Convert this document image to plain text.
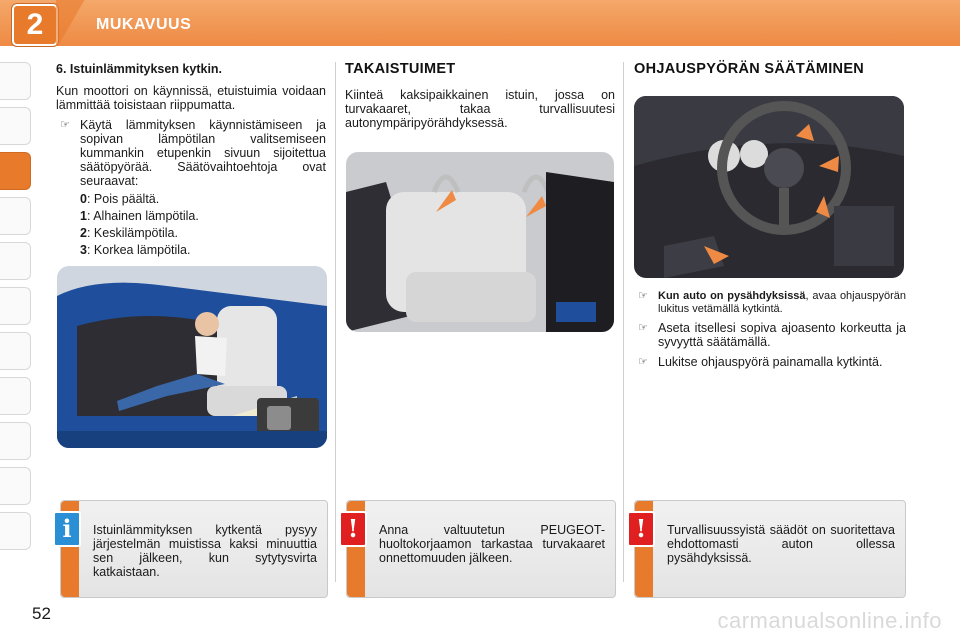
2	MUKAVUUS

6. Istuinlämmityksen kytkin.

Kun moottori on käynnissä, etuistuimia voidaan lämmittää toisistaan riippumatta.

☞ Käytä lämmityksen käynnistämiseen ja sopivan lämpötilan valitsemiseen kummankin etupenkin sivuun sijoitettua säätöpyörää. Säätövaihtoehtoja ovat seuraavat:
0: Pois päältä.
1: Alhainen lämpötila.
2: Keskilämpötila.
3: Korkea lämpötila.
i	Istuinlämmityksen kytkentä pysyy järjestelmän muistissa kaksi minuuttia sen jälkeen, kun sytytysvirta katkaistaan.
TAKAISTUIMET

Kiinteä kaksipaikkainen istuin, jossa on turvakaaret, takaa turvallisuutesi autonympäripyörähdyksessä.

!	Anna valtuutetun PEUGEOT-huoltokorjaamon tarkastaa turvakaaret onnettomuuden jälkeen.
OHJAUSPYÖRÄN SÄÄTÄMINEN
☞ Kun auto on pysähdyksissä, avaa ohjauspyörän lukitus vetämällä kytkintä.
☞ Aseta itsellesi sopiva ajoasento korkeutta ja syvyyttä säätämällä.
☞ Lukitse ohjauspyörä painamalla kytkintä.
!	Turvallisuussyistä säädöt on suoritettava ehdottomasti auton ollessa pysähdyksissä.
52	carmanualsonline.info
